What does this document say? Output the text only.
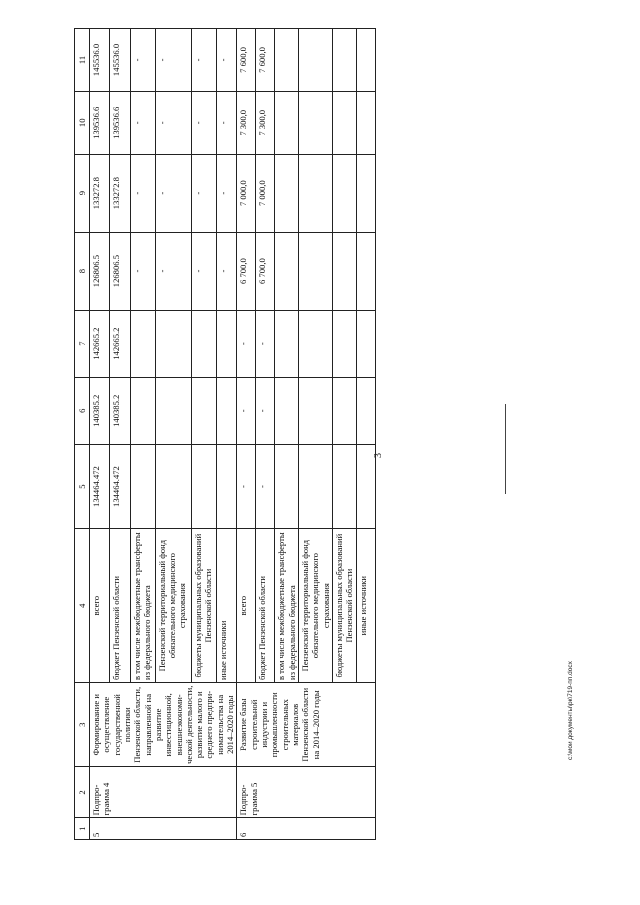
3
1	2	3	4	5	6	7	8	9	10	11
5	Подпро-грамма 4	Формирование и осуществление государственной политики Пензенской области, направленной на развитие инвестиционной, внешнеэкономи-ческой деятельности, развитие малого и среднего предпри-нимательства на 2014–2020 годы	всего	134464.472	140385.2	142665.2	126806.5	133272.8	139536.6	145536.0
			бюджет Пензенской области	134464.472	140385.2	142665.2	126806.5	133272.8	139536.6	145536.0
			в том числе межбюджетные трансферты из федерального бюджета				-	-	-	-
			Пензенский территориальный фонд обязательного медицинского страхования				-	-	-	-
			бюджеты муниципальных образований Пензенской области				-	-	-	-
			иные источники				-	-	-	-
6	Подпро-грамма 5	Развитие базы строительной индустрии и промышленности строительных материалов Пензенской области на 2014–2020 годы	всего	-	-	-	6 700,0	7 000,0	7 300,0	7 600,0
			бюджет Пензенской области	-	-	-	6 700,0	7 000,0	7 300,0	7 600,0
			в том числе межбюджетные трансферты из федерального бюджета							
			Пензенский территориальный фонд обязательного медицинского страхования							
			бюджеты муниципальных образований Пензенской области							
			иные источники							
c:\мои документы\рк\719-пп.docx
